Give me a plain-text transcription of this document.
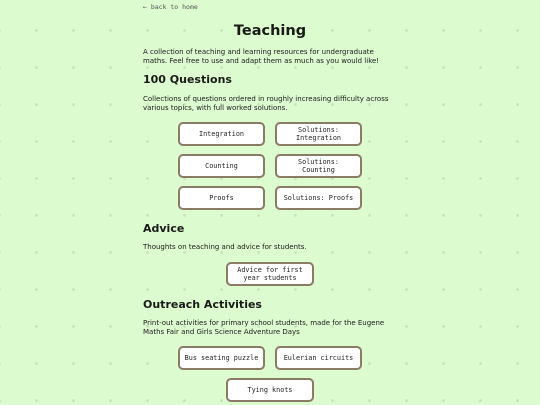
← back to home
Teaching

A collection of teaching and learning resources for undergraduate maths. Feel free to use and adapt them as much as you would like!

100 Questions

Collections of questions ordered in roughly increasing difficulty across various topics, with full worked solutions.

Integration	Solutions: Integration
Counting	Solutions: Counting
Proofs	Solutions: Proofs
Advice

Thoughts on teaching and advice for students.

Advice for first year students
Outreach Activities

Print-out activities for primary school students, made for the Eugene Maths Fair and Girls Science Adventure Days

Bus seating puzzle	Eulerian circuits
Tying knots
